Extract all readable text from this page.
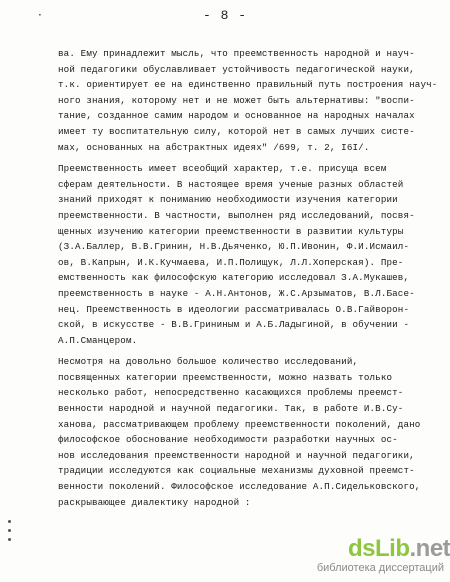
·	- 8 -
ва. Ему принадлежит мысль, что преемственность народной и науч-
ной педагогики обуславливает устойчивость педагогической науки,
т.к. ориентирует ее на единственно правильный путь построения науч-
ного знания, которому нет и не может быть альтернативы: "воспи-
тание, созданное самим народом и основанное на народных началах
имеет ту воспитательную силу, которой нет в самых лучших систе-
мах, основанных на абстрактных идеях" /699, т. 2, I6I/.
Преемственность имеет всеобщий характер, т.е. присуща всем
сферам деятельности. В настоящее время ученые разных областей
знаний приходят к пониманию необходимости изучения категории
преемственности. В частности, выполнен ряд исследований, посвя-
щенных изучению категории преемственности в развитии культуры
(З.А.Баллер, В.В.Гринин, Н.В.Дьяченко, Ю.П.Ивонин, Ф.И.Исмаил-
ов, В.Капрын, И.К.Кучмаева, И.П.Полищук, Л.Л.Хоперская). Пре-
емственность как философскую категорию исследовал З.А.Мукашев,
преемственность в науке - А.Н.Антонов, Ж.С.Арзыматов, В.Л.Басе-
нец. Преемственность в идеологии рассматривалась О.В.Гайворон-
ской, в искусстве - В.В.Грининым и А.Б.Ладыгиной, в обучении -
А.П.Сманцером.
Несмотря на довольно большое количество исследований,
посвященных категории преемственности, можно назвать только
несколько работ, непосредственно касающихся проблемы преемст-
венности народной и научной педагогики. Так, в работе И.В.Су-
ханова, рассматривающем проблему преемственности поколений, дано
философское обоснование необходимости разработки научных ос-
нов исследования преемственности народной и научной педагогики,
традиции исследуются как социальные механизмы духовной преемст-
венности поколений. Философское исследование А.П.Сидельковского,
раскрывающее диалектику народной :
dsLib.net
библиотека диссертаций
